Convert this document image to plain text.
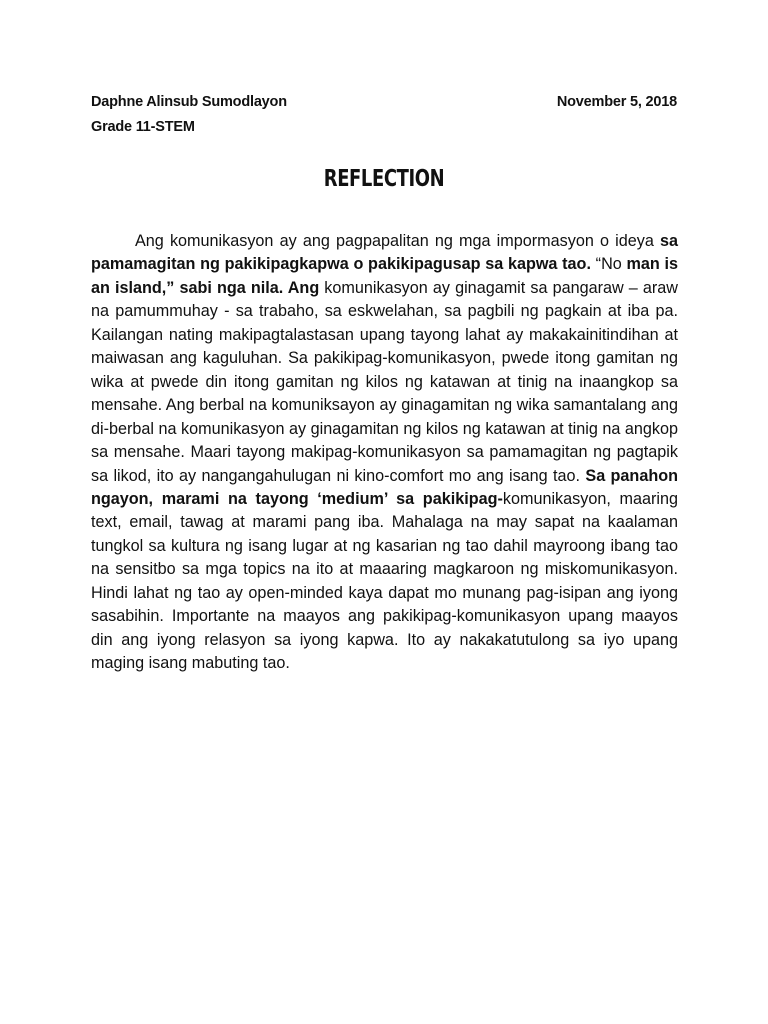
Daphne Alinsub Sumodlayon	November 5, 2018
Grade 11-STEM
REFLECTION

Ang komunikasyon ay ang pagpapalitan ng mga impormasyon o ideya sa pamamagitan ng pakikipagkapwa o pakikipagusap sa kapwa tao. “No man is an island,” sabi nga nila. Ang komunikasyon ay ginagamit sa pangaraw – araw na pamummuhay - sa trabaho, sa eskwelahan, sa pagbili ng pagkain at iba pa. Kailangan nating makipagtalastasan upang tayong lahat ay makakainitindihan at maiwasan ang kaguluhan. Sa pakikipag-komunikasyon, pwede itong gamitan ng wika at pwede din itong gamitan ng kilos ng katawan at tinig na inaangkop sa mensahe. Ang berbal na komuniksayon ay ginagamitan ng wika samantalang ang di-berbal na komunikasyon ay ginagamitan ng kilos ng katawan at tinig na angkop sa mensahe. Maari tayong makipag-komunikasyon sa pamamagitan ng pagtapik sa likod, ito ay nangangahulugan ni kino-comfort mo ang isang tao. Sa panahon ngayon, marami na tayong ‘medium’ sa pakikipag-komunikasyon, maaring text, email, tawag at marami pang iba. Mahalaga na may sapat na kaalaman tungkol sa kultura ng isang lugar at ng kasarian ng tao dahil mayroong ibang tao na sensitbo sa mga topics na ito at maaaring magkaroon ng miskomunikasyon. Hindi lahat ng tao ay open-minded kaya dapat mo munang pag-isipan ang iyong sasabihin. Importante na maayos ang pakikipag-komunikasyon upang maayos din ang iyong relasyon sa iyong kapwa. Ito ay nakakatutulong sa iyo upang maging isang mabuting tao.
